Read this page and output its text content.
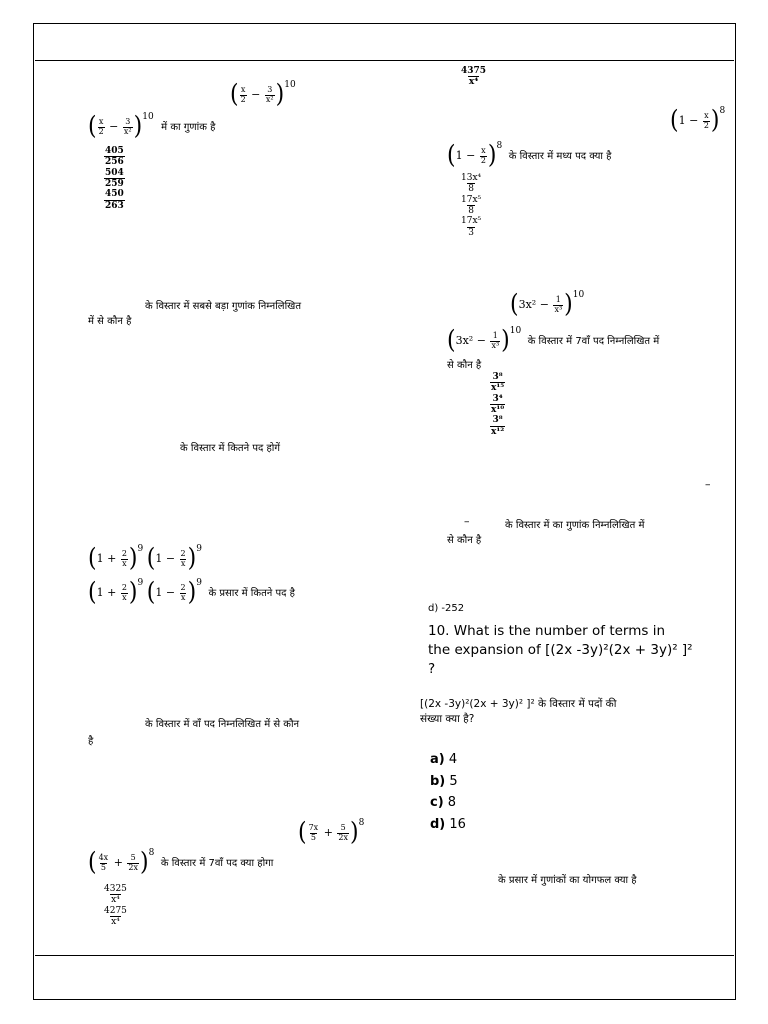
( $\frac{x}{2} - \frac{3}{\text{x²}} )^{10}$
( $\frac{x}{2} - \frac{3}{\text{x²}} )^{10}$ में का गुणांक है
405
256
504
259
450
263
के विस्तार में सबसे बड़ा गुणांक निम्नलिखित
में से कौन है
के विस्तार में कितने पद होगें
$(1 + \frac{2}{x} )^9$ $(1 - \frac{2}{x} )^9$
$(1 + \frac{2}{x} )^9$ $(1 - \frac{2}{x} )^9$ के प्रसार में कितने पद है
के विस्तार में वाँ पद निम्नलिखित में से कौन
है
( $\frac{7x}{5} + \frac{5}{2x} )^8$
( $\frac{4x}{5} + \frac{5}{2x} )^8$ के विस्तार में 7वाँ पद क्या होगा
4325
x⁴
4275
x⁴
4375
x⁴
$(1 - \frac{x}{2} )^8$
$(1 - \frac{x}{2} )^8$ के विस्तार में मध्य पद क्या है
13x⁴
8
17x⁵
8
17x⁵
3
$(3x^2 - \frac{1}{\text{x³}} )^{10}$
$(3x^2 - \frac{1}{\text{x³}} )^{10}$ के विस्तार में 7वाँ पद निम्नलिखित में
से कौन है
3⁸
x¹⁵
3⁴
x¹⁰
3⁸
x¹²
–
–	के विस्तार में का गुणांक निम्नलिखित में
से कौन है
d) -252
10. What is the number of terms in
the expansion of [(2x -3y)²(2x + 3y)² ]²
?
[(2x -3y)²(2x + 3y)² ]² के विस्तार में पदों की
संख्या क्या है?
a) 4
b) 5
c) 8
d) 16
के प्रसार में गुणांकों का योगफल क्या है
